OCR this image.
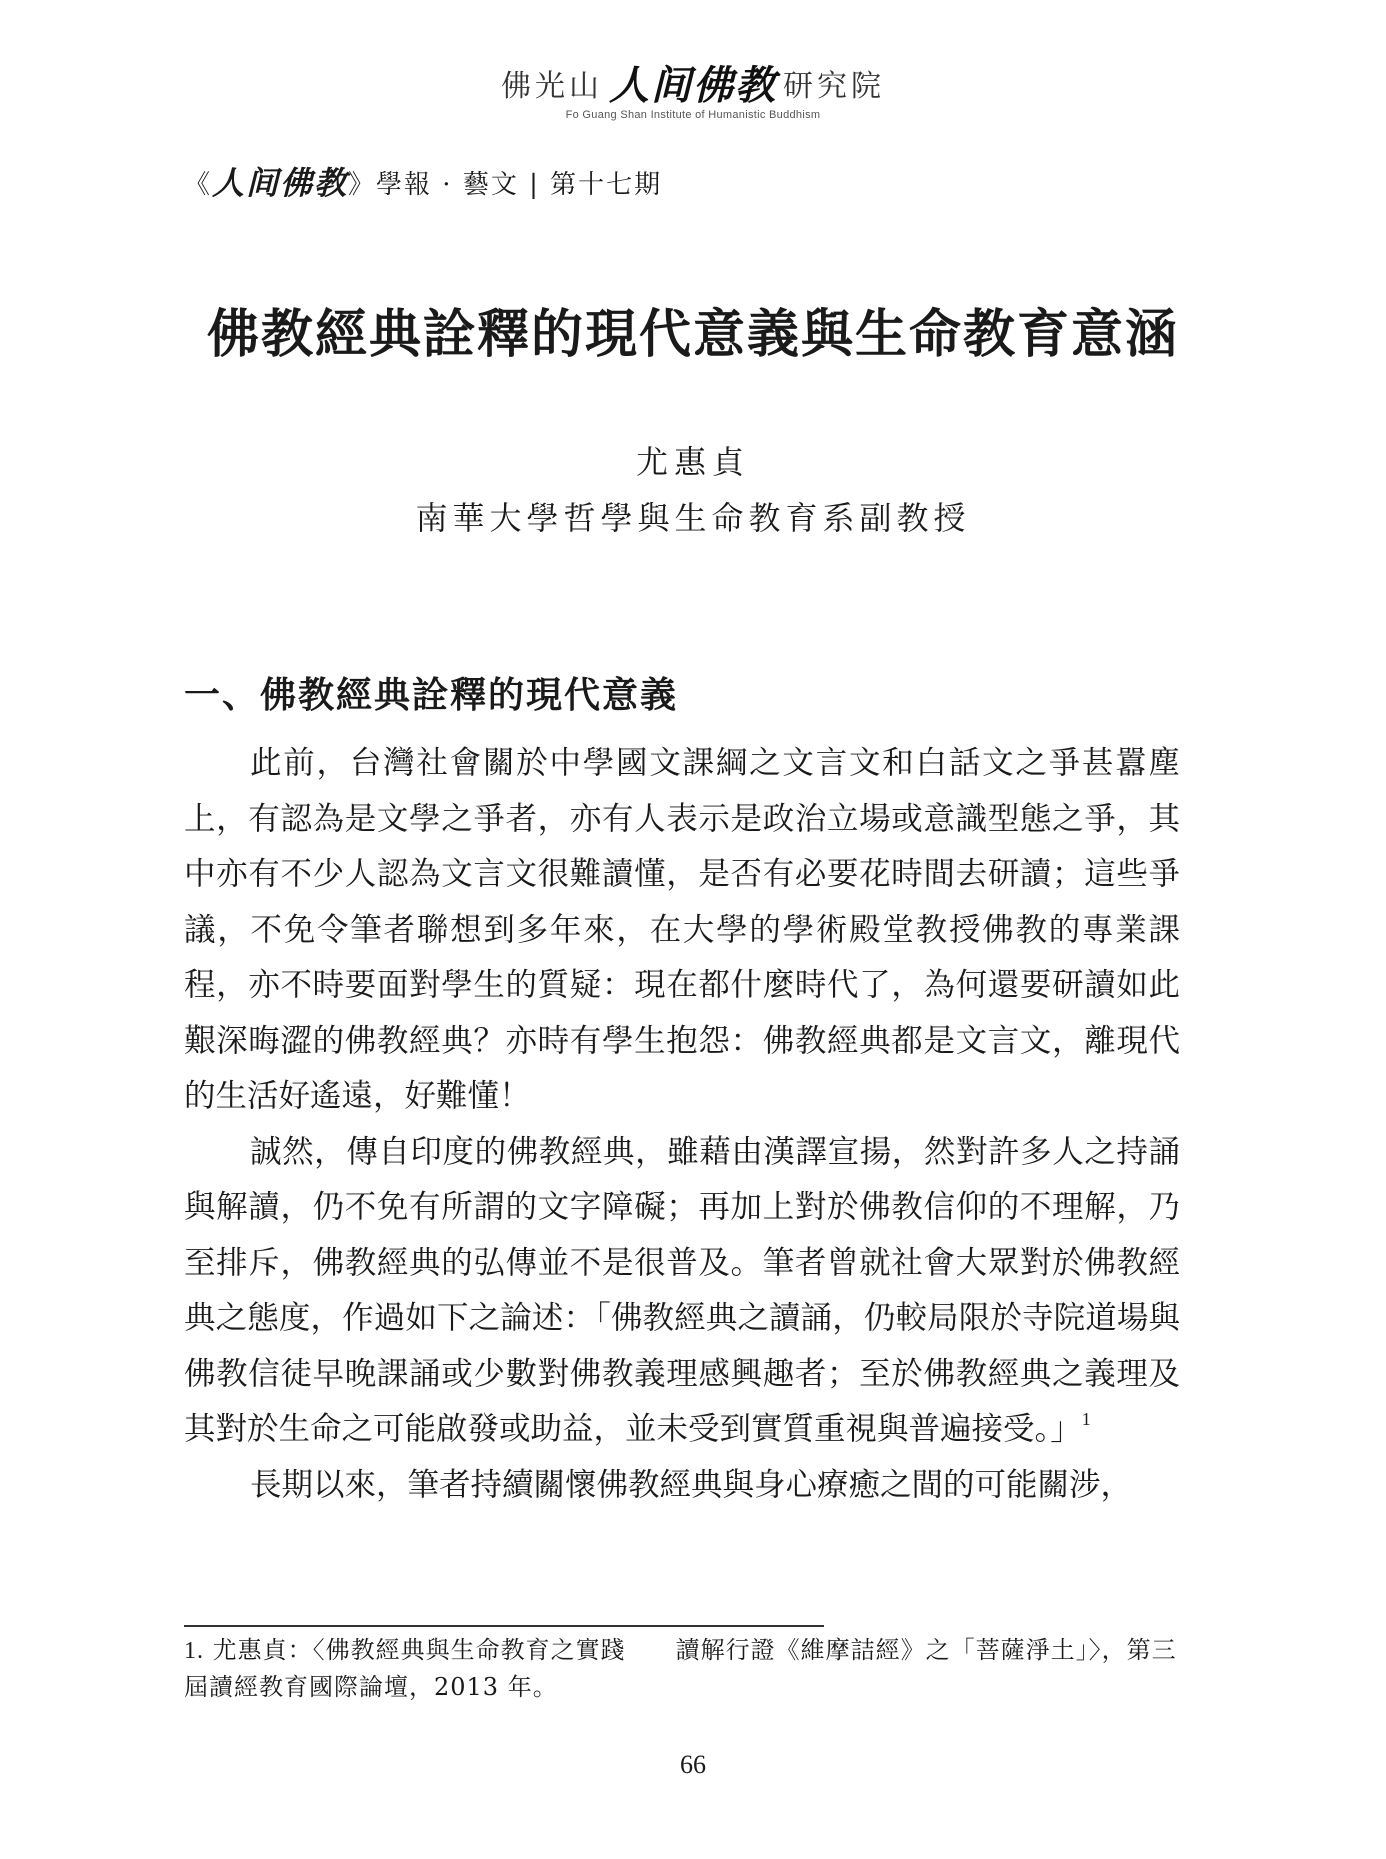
佛光山 人间佛教 研究院
Fo Guang Shan Institute of Humanistic Buddhism
《人间佛教》學報 · 藝文 | 第十七期
佛教經典詮釋的現代意義與生命教育意涵
尤惠貞
南華大學哲學與生命教育系副教授
一、佛教經典詮釋的現代意義

此前，台灣社會關於中學國文課綱之文言文和白話文之爭甚囂塵上，有認為是文學之爭者，亦有人表示是政治立場或意識型態之爭，其中亦有不少人認為文言文很難讀懂，是否有必要花時間去研讀；這些爭議，不免令筆者聯想到多年來，在大學的學術殿堂教授佛教的專業課程，亦不時要面對學生的質疑：現在都什麼時代了，為何還要研讀如此艱深晦澀的佛教經典？亦時有學生抱怨：佛教經典都是文言文，離現代的生活好遙遠，好難懂！

誠然，傳自印度的佛教經典，雖藉由漢譯宣揚，然對許多人之持誦與解讀，仍不免有所謂的文字障礙；再加上對於佛教信仰的不理解，乃至排斥，佛教經典的弘傳並不是很普及。筆者曾就社會大眾對於佛教經典之態度，作過如下之論述：「佛教經典之讀誦，仍較局限於寺院道場與佛教信徒早晚課誦或少數對佛教義理感興趣者；至於佛教經典之義理及其對於生命之可能啟發或助益，並未受到實質重視與普遍接受。」$^1$

長期以來，筆者持續關懷佛教經典與身心療癒之間的可能關涉，

1. 尤惠貞：〈佛教經典與生命教育之實踐　　讀解行證《維摩詰經》之「菩薩淨土」〉，第三屆讀經教育國際論壇，2013 年。
66
